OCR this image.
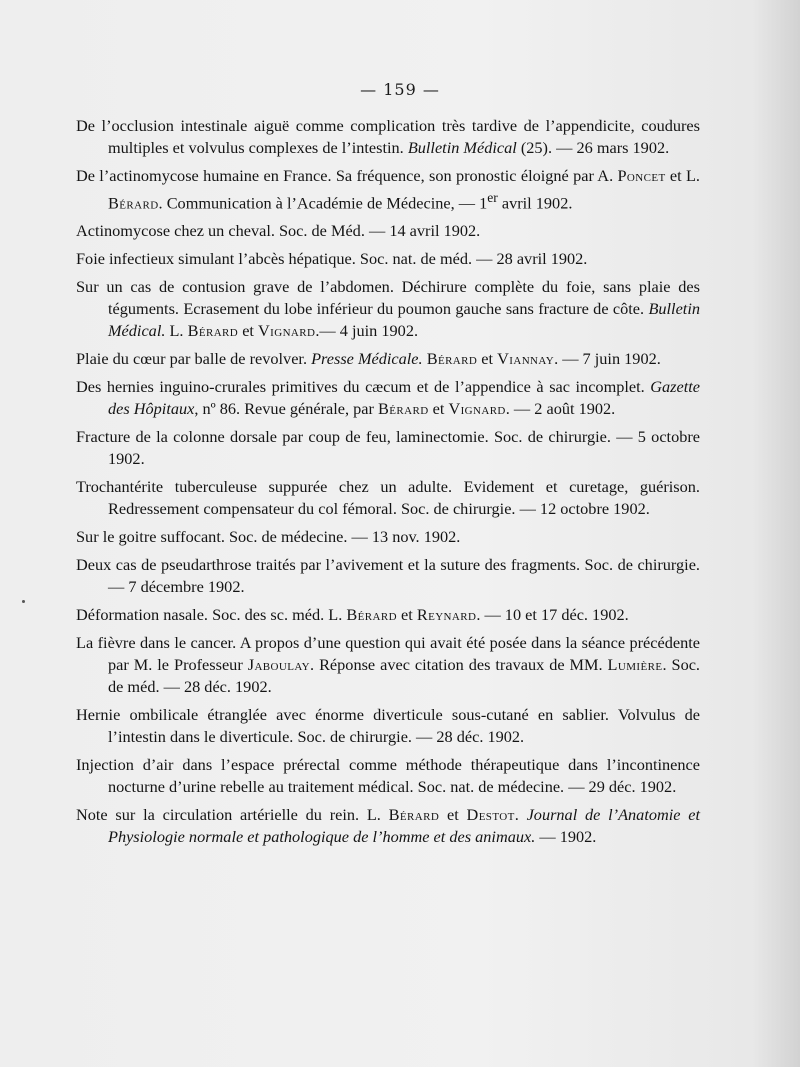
— 159 —

De l’occlusion intestinale aiguë comme complication très tardive de l’appendicite, coudures multiples et volvulus complexes de l’intestin. Bulletin Médical (25). — 26 mars 1902.

De l’actinomycose humaine en France. Sa fréquence, son pronostic éloigné par A. Poncet et L. Bérard. Communication à l’Académie de Médecine, — 1er avril 1902.

Actinomycose chez un cheval. Soc. de Méd. — 14 avril 1902.

Foie infectieux simulant l’abcès hépatique. Soc. nat. de méd. — 28 avril 1902.

Sur un cas de contusion grave de l’abdomen. Déchirure complète du foie, sans plaie des téguments. Ecrasement du lobe inférieur du poumon gauche sans fracture de côte. Bulletin Médical. L. Bérard et Vignard.— 4 juin 1902.

Plaie du cœur par balle de revolver. Presse Médicale. Bérard et Viannay. — 7 juin 1902.

Des hernies inguino-crurales primitives du cæcum et de l’appendice à sac incomplet. Gazette des Hôpitaux, nº 86. Revue générale, par Bérard et Vignard. — 2 août 1902.

Fracture de la colonne dorsale par coup de feu, laminectomie. Soc. de chirurgie. — 5 octobre 1902.

Trochantérite tuberculeuse suppurée chez un adulte. Evidement et curetage, guérison. Redressement compensateur du col fémoral. Soc. de chirurgie. — 12 octobre 1902.

Sur le goitre suffocant. Soc. de médecine. — 13 nov. 1902.

Deux cas de pseudarthrose traités par l’avivement et la suture des fragments. Soc. de chirurgie. — 7 décembre 1902.

Déformation nasale. Soc. des sc. méd. L. Bérard et Reynard. — 10 et 17 déc. 1902.

La fièvre dans le cancer. A propos d’une question qui avait été posée dans la séance précédente par M. le Professeur Jaboulay. Réponse avec citation des travaux de MM. Lumière. Soc. de méd. — 28 déc. 1902.

Hernie ombilicale étranglée avec énorme diverticule sous-cutané en sablier. Volvulus de l’intestin dans le diverticule. Soc. de chirurgie. — 28 déc. 1902.

Injection d’air dans l’espace prérectal comme méthode thérapeutique dans l’incontinence nocturne d’urine rebelle au traitement médical. Soc. nat. de médecine. — 29 déc. 1902.

Note sur la circulation artérielle du rein. L. Bérard et Destot. Journal de l’Anatomie et Physiologie normale et pathologique de l’homme et des animaux. — 1902.
